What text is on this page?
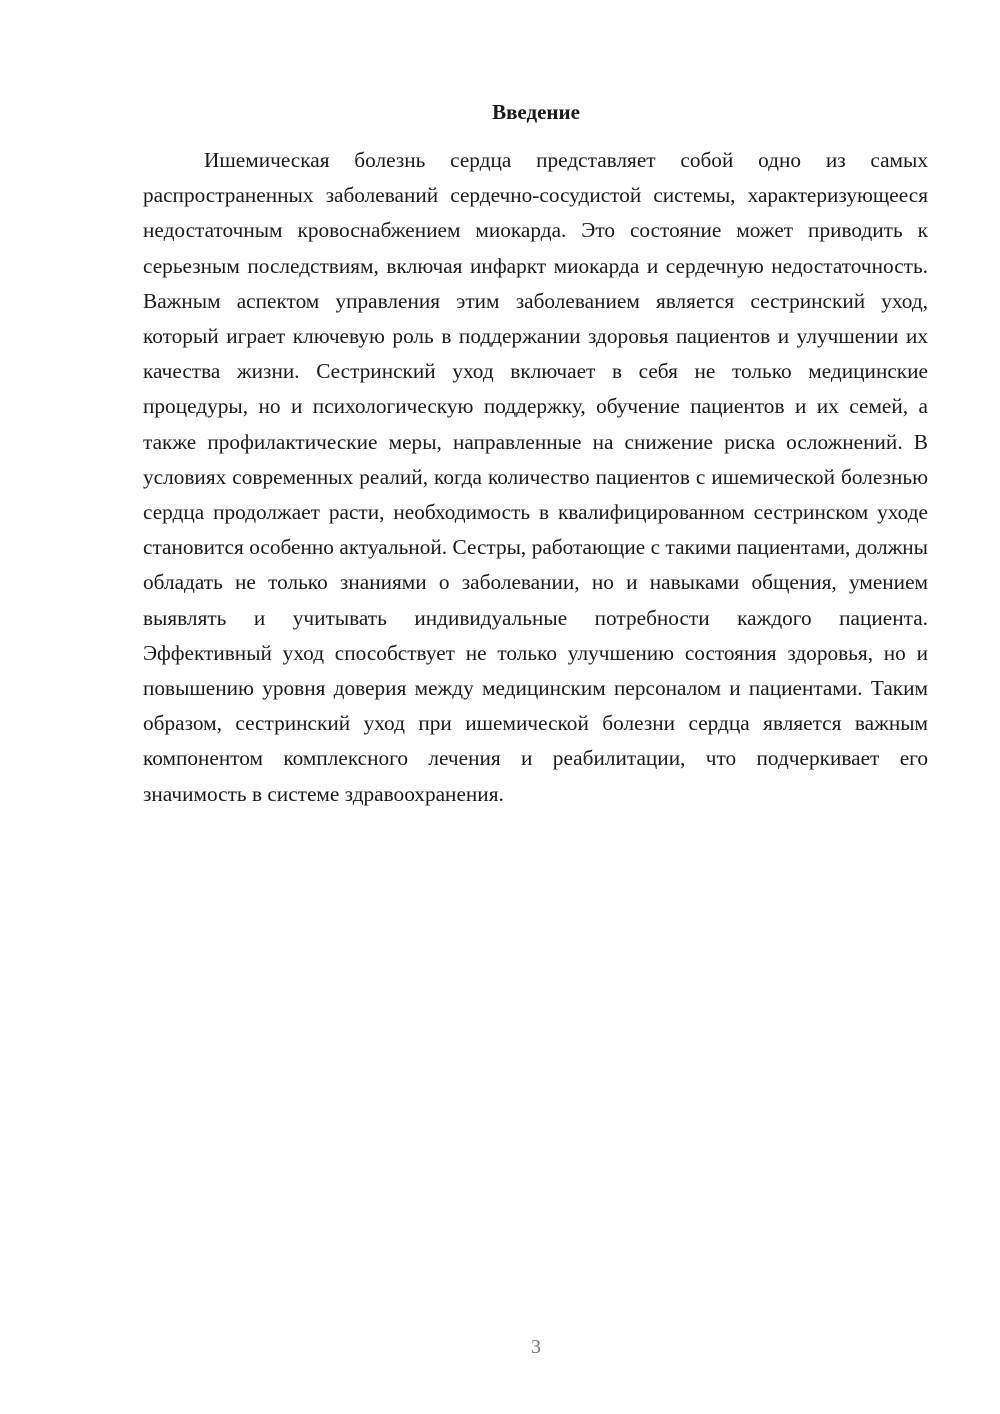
Введение

Ишемическая болезнь сердца представляет собой одно из самых распространенных заболеваний сердечно-сосудистой системы, характеризующееся недостаточным кровоснабжением миокарда. Это состояние может приводить к серьезным последствиям, включая инфаркт миокарда и сердечную недостаточность. Важным аспектом управления этим заболеванием является сестринский уход, который играет ключевую роль в поддержании здоровья пациентов и улучшении их качества жизни. Сестринский уход включает в себя не только медицинские процедуры, но и психологическую поддержку, обучение пациентов и их семей, а также профилактические меры, направленные на снижение риска осложнений. В условиях современных реалий, когда количество пациентов с ишемической болезнью сердца продолжает расти, необходимость в квалифицированном сестринском уходе становится особенно актуальной. Сестры, работающие с такими пациентами, должны обладать не только знаниями о заболевании, но и навыками общения, умением выявлять и учитывать индивидуальные потребности каждого пациента. Эффективный уход способствует не только улучшению состояния здоровья, но и повышению уровня доверия между медицинским персоналом и пациентами. Таким образом, сестринский уход при ишемической болезни сердца является важным компонентом комплексного лечения и реабилитации, что подчеркивает его значимость в системе здравоохранения.

3
